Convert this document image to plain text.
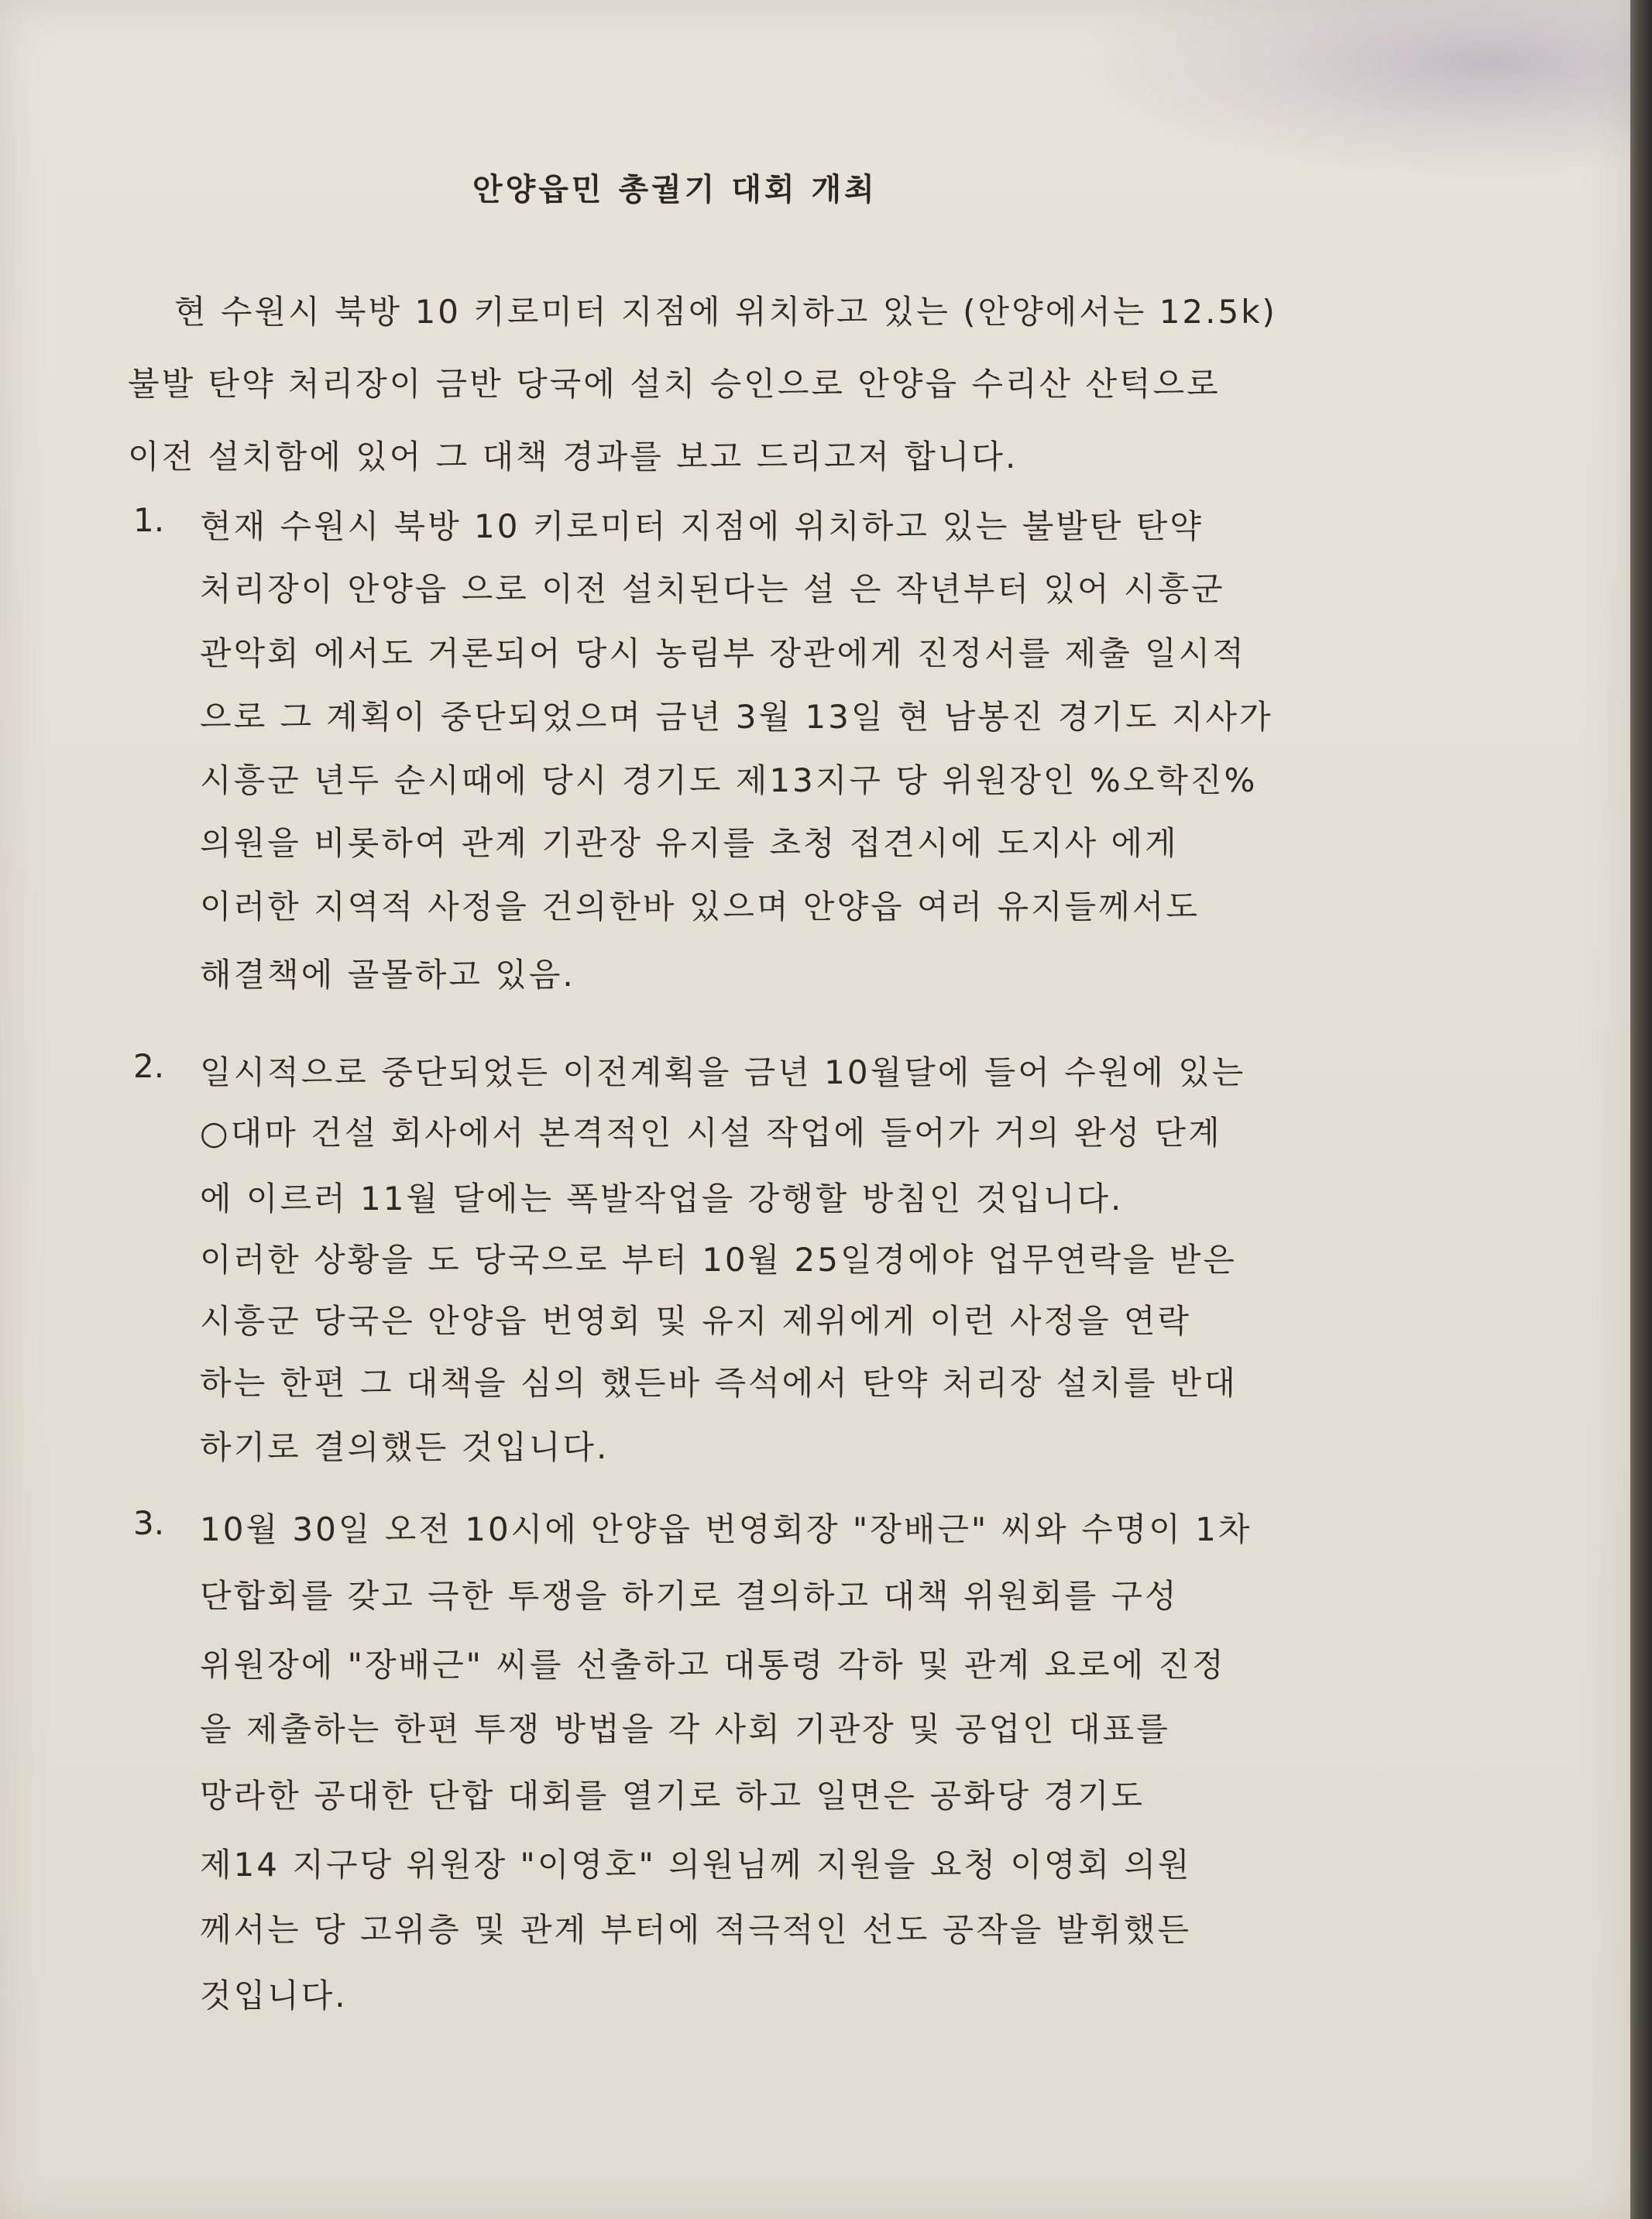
안양읍민 총궐기 대회 개최
현 수원시 북방 10 키로미터 지점에 위치하고 있는 (안양에서는 12.5k)
불발 탄약 처리장이 금반 당국에 설치 승인으로 안양읍 수리산 산턱으로
이전 설치함에 있어 그 대책 경과를 보고 드리고저 합니다.
1. 현재 수원시 북방 10 키로미터 지점에 위치하고 있는 불발탄 탄약
처리장이 안양읍 으로 이전 설치된다는 설 은 작년부터 있어 시흥군
관악회 에서도 거론되어 당시 농림부 장관에게 진정서를 제출 일시적
으로 그 계획이 중단되었으며 금년 3월 13일 현 남봉진 경기도 지사가
시흥군 년두 순시때에 당시 경기도 제13지구 당 위원장인 %오학진%
의원을 비롯하여 관계 기관장 유지를 초청 접견시에 도지사 에게
이러한 지역적 사정을 건의한바 있으며 안양읍 여러 유지들께서도
해결책에 골몰하고 있음.
2. 일시적으로 중단되었든 이전계획을 금년 10월달에 들어 수원에 있는
○대마 건설 회사에서 본격적인 시설 작업에 들어가 거의 완성 단계
에 이르러 11월 달에는 폭발작업을 강행할 방침인 것입니다.
이러한 상황을 도 당국으로 부터 10월 25일경에야 업무연락을 받은
시흥군 당국은 안양읍 번영회 및 유지 제위에게 이런 사정을 연락
하는 한편 그 대책을 심의 했든바 즉석에서 탄약 처리장 설치를 반대
하기로 결의했든 것입니다.
3. 10월 30일 오전 10시에 안양읍 번영회장 "장배근" 씨와 수명이 1차
단합회를 갖고 극한 투쟁을 하기로 결의하고 대책 위원회를 구성
위원장에 "장배근" 씨를 선출하고 대통령 각하 및 관계 요로에 진정
을 제출하는 한편 투쟁 방법을 각 사회 기관장 및 공업인 대표를
망라한 공대한 단합 대회를 열기로 하고 일면은 공화당 경기도
제14 지구당 위원장 "이영호" 의원님께 지원을 요청 이영회 의원
께서는 당 고위층 및 관계 부터에 적극적인 선도 공작을 발휘했든
것입니다.
